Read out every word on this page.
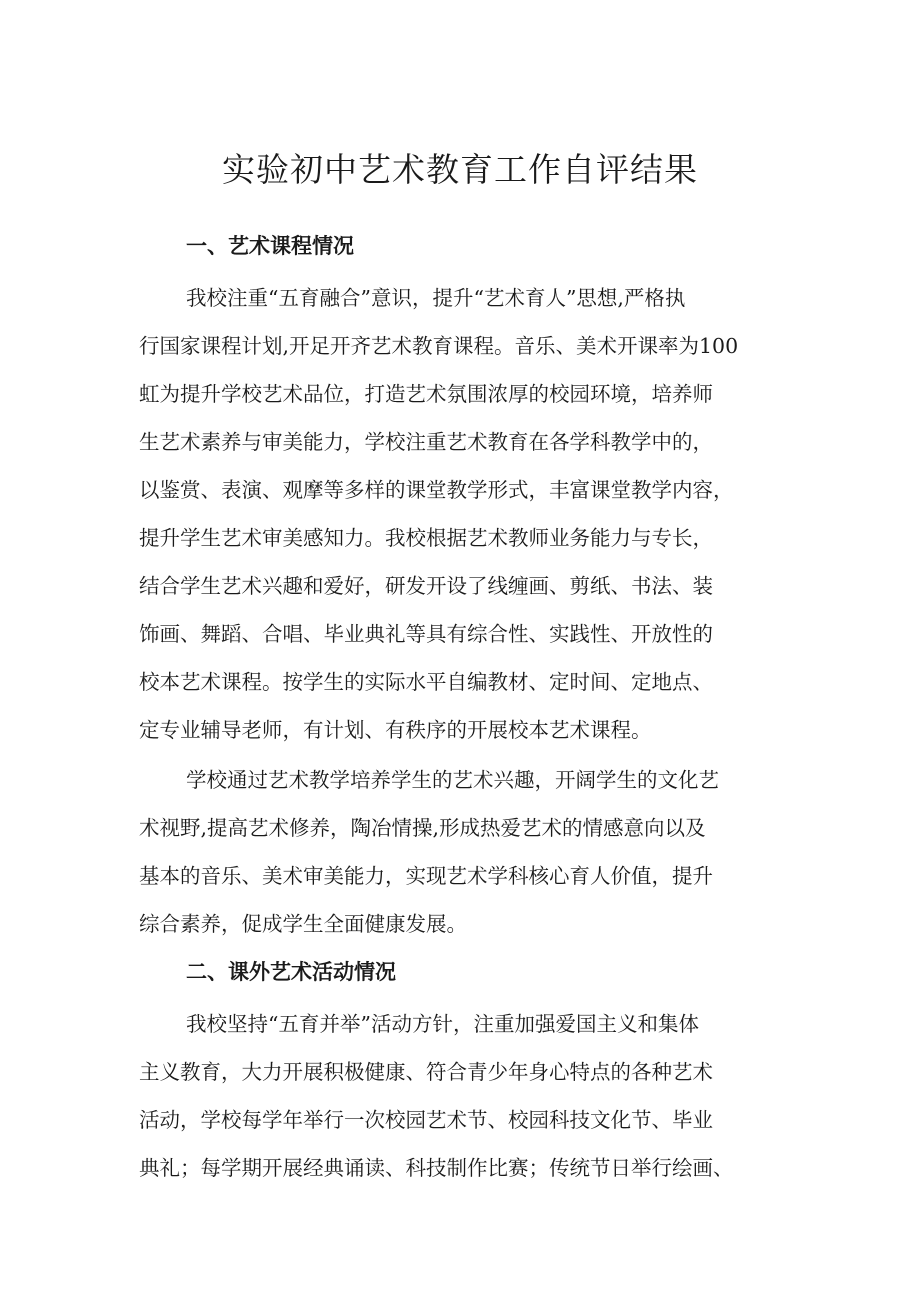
实验初中艺术教育工作自评结果
一、艺术课程情况

我校注重“五育融合”意识，提升“艺术育人”思想,严格执

行国家课程计划,开足开齐艺术教育课程。音乐、美术开课率为100

虹为提升学校艺术品位，打造艺术氛围浓厚的校园环境，培养师

生艺术素养与审美能力，学校注重艺术教育在各学科教学中的，

以鉴赏、表演、观摩等多样的课堂教学形式，丰富课堂教学内容，

提升学生艺术审美感知力。我校根据艺术教师业务能力与专长，

结合学生艺术兴趣和爱好，研发开设了线缠画、剪纸、书法、装

饰画、舞蹈、合唱、毕业典礼等具有综合性、实践性、开放性的

校本艺术课程。按学生的实际水平自编教材、定时间、定地点、

定专业辅导老师，有计划、有秩序的开展校本艺术课程。

学校通过艺术教学培养学生的艺术兴趣，开阔学生的文化艺

术视野,提高艺术修养，陶冶情操,形成热爱艺术的情感意向以及

基本的音乐、美术审美能力，实现艺术学科核心育人价值，提升

综合素养，促成学生全面健康发展。

二、课外艺术活动情况

我校坚持“五育并举”活动方针，注重加强爱国主义和集体

主义教育，大力开展积极健康、符合青少年身心特点的各种艺术

活动，学校每学年举行一次校园艺术节、校园科技文化节、毕业

典礼；每学期开展经典诵读、科技制作比赛；传统节日举行绘画、
